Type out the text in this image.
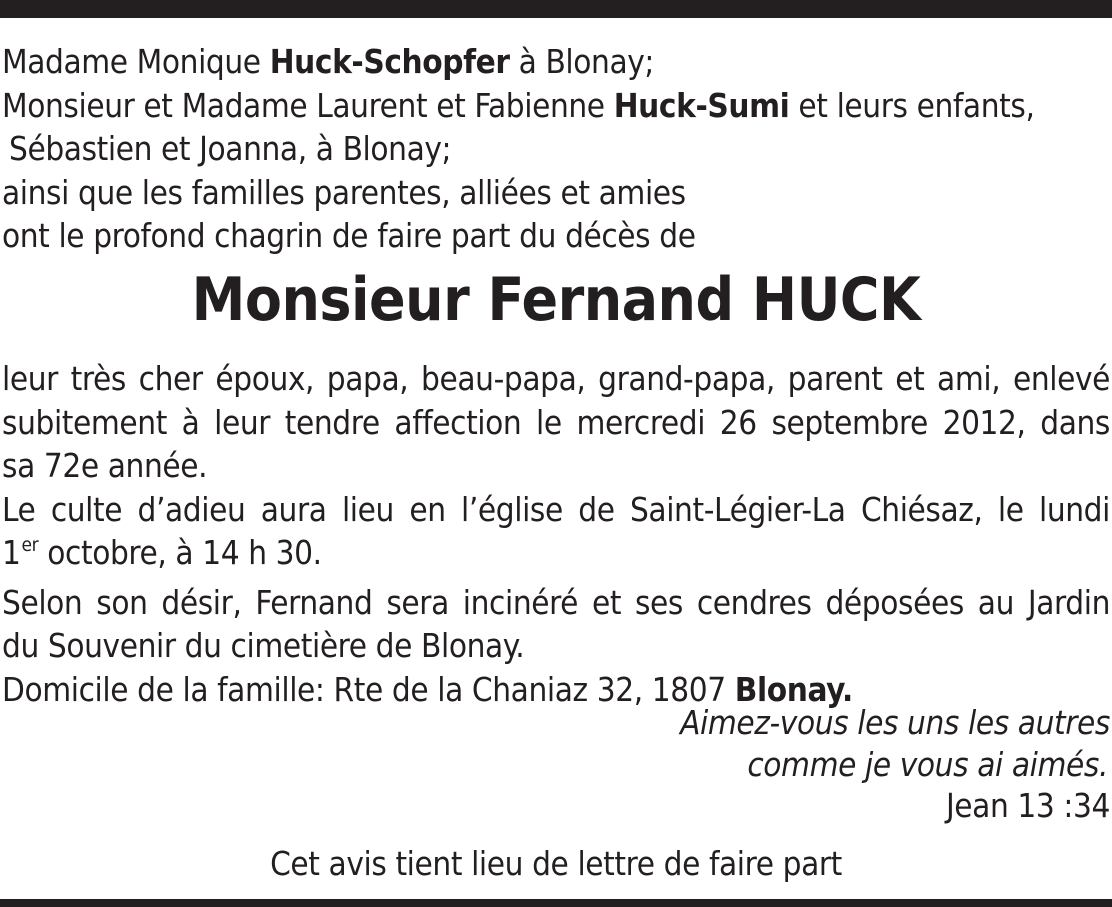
Madame Monique Huck-Schopfer à Blonay;
Monsieur et Madame Laurent et Fabienne Huck-Sumi et leurs enfants,
Sébastien et Joanna, à Blonay;
ainsi que les familles parentes, alliées et amies
ont le profond chagrin de faire part du décès de
Monsieur Fernand HUCK
leur très cher époux, papa, beau-papa, grand-papa, parent et ami, enlevé
subitement à leur tendre affection le mercredi 26 septembre 2012, dans
sa 72e année.
Le culte d’adieu aura lieu en l’église de Saint-Légier-La Chiésaz, le lundi
1er octobre, à 14 h 30.
Selon son désir, Fernand sera incinéré et ses cendres déposées au Jardin
du Souvenir du cimetière de Blonay.
Domicile de la famille: Rte de la Chaniaz 32, 1807 Blonay.
Aimez-vous les uns les autres
comme je vous ai aimés.
Jean 13 :34
Cet avis tient lieu de lettre de faire part
